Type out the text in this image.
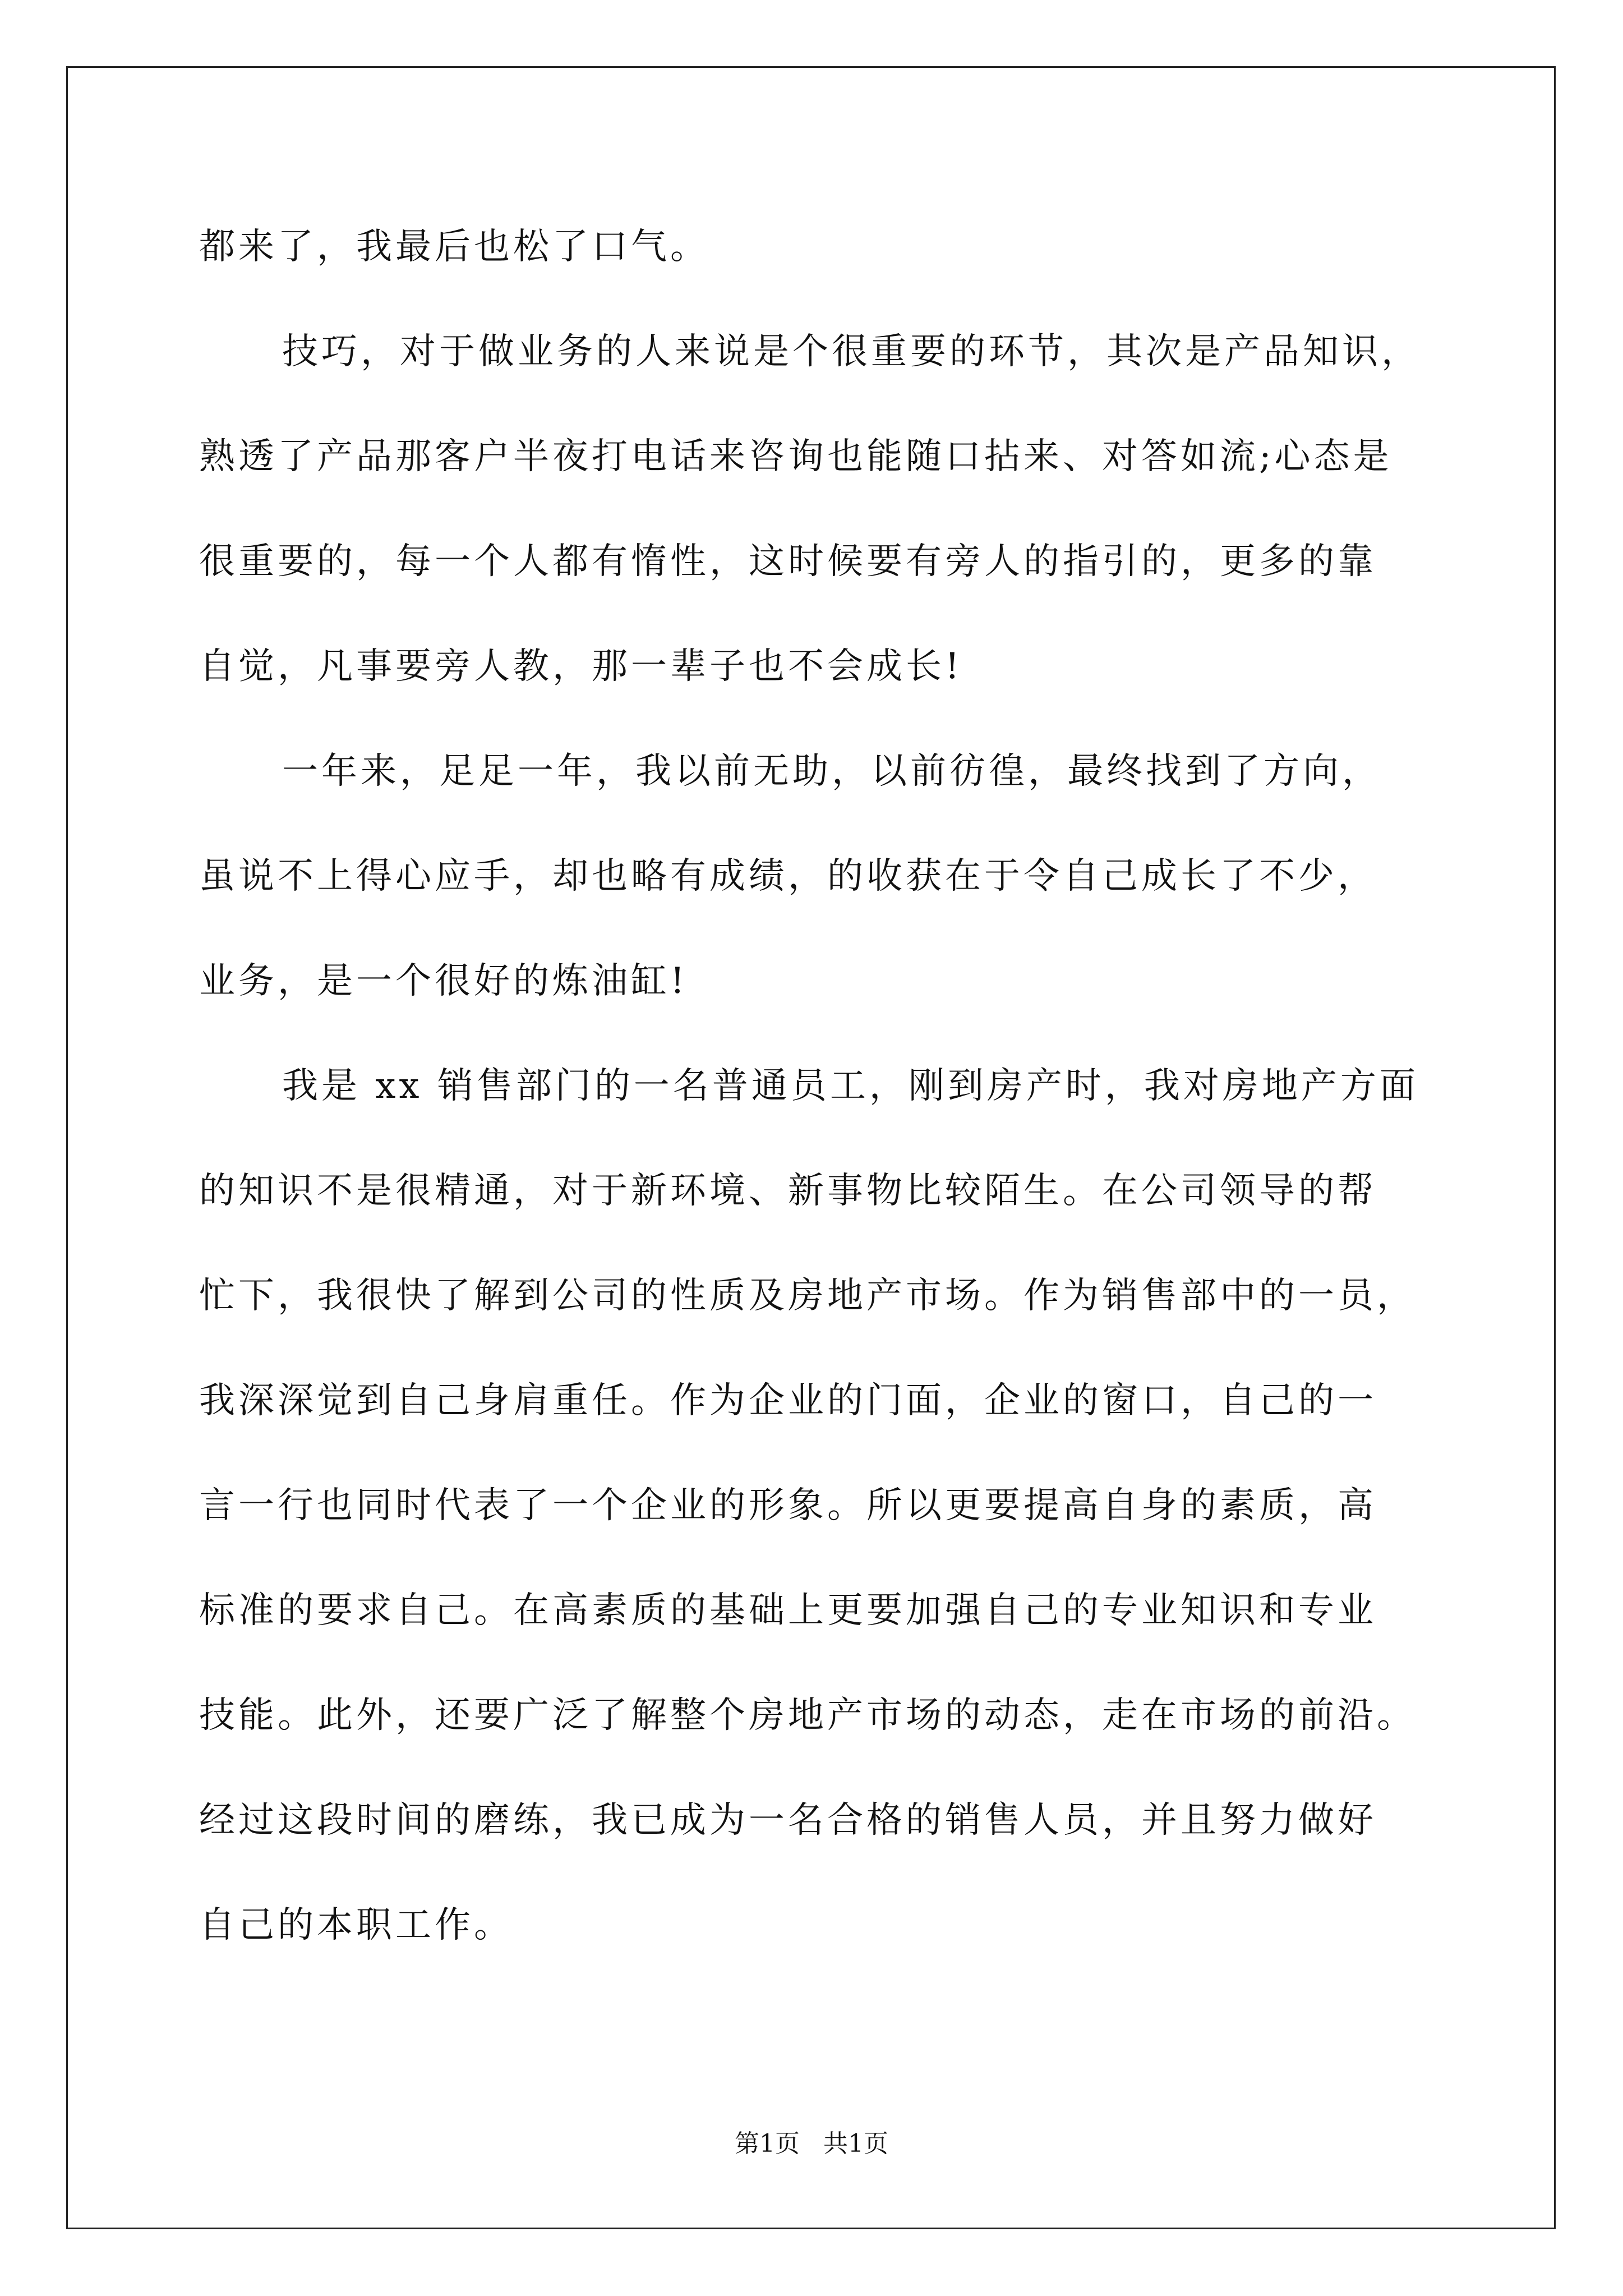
都来了，我最后也松了口气。
技巧，对于做业务的人来说是个很重要的环节，其次是产品知识，
熟透了产品那客户半夜打电话来咨询也能随口拈来、对答如流;心态是
很重要的，每一个人都有惰性，这时候要有旁人的指引的，更多的靠
自觉，凡事要旁人教，那一辈子也不会成长!
一年来，足足一年，我以前无助，以前彷徨，最终找到了方向，
虽说不上得心应手，却也略有成绩，的收获在于令自己成长了不少，
业务，是一个很好的炼油缸!
我是 xx 销售部门的一名普通员工，刚到房产时，我对房地产方面
的知识不是很精通，对于新环境、新事物比较陌生。在公司领导的帮
忙下，我很快了解到公司的性质及房地产市场。作为销售部中的一员，
我深深觉到自己身肩重任。作为企业的门面，企业的窗口，自己的一
言一行也同时代表了一个企业的形象。所以更要提高自身的素质，高
标准的要求自己。在高素质的基础上更要加强自己的专业知识和专业
技能。此外，还要广泛了解整个房地产市场的动态，走在市场的前沿。
经过这段时间的磨练，我已成为一名合格的销售人员，并且努力做好
自己的本职工作。
第1页   共1页
